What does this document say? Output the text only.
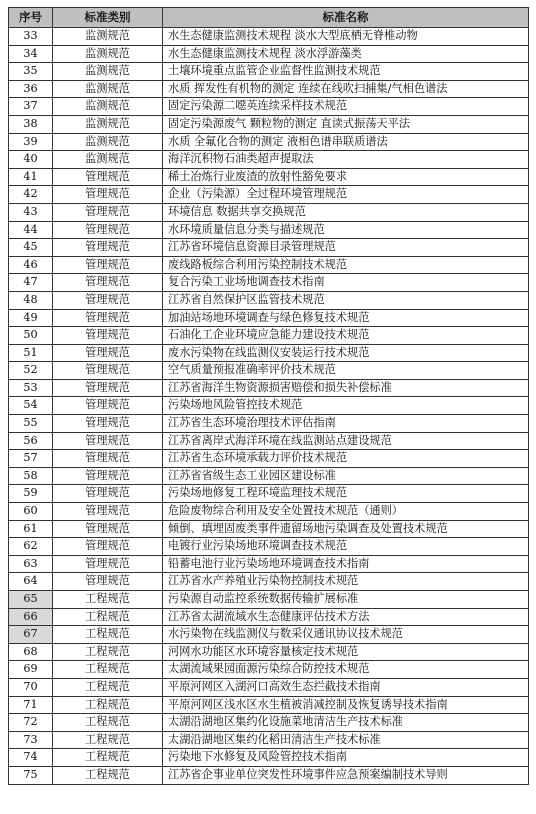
序号	标准类别	标准名称
33	监测规范	水生态健康监测技术规程 淡水大型底栖无脊椎动物
34	监测规范	水生态健康监测技术规程 淡水浮游藻类
35	监测规范	土壤环境重点监管企业监督性监测技术规范
36	监测规范	水质 挥发性有机物的测定 连续在线吹扫捕集/气相色谱法
37	监测规范	固定污染源二噁英连续采样技术规范
38	监测规范	固定污染源废气 颗粒物的测定 直读式振荡天平法
39	监测规范	水质 全氟化合物的测定 液相色谱串联质谱法
40	监测规范	海洋沉积物石油类超声提取法
41	管理规范	稀土冶炼行业废渣的放射性豁免要求
42	管理规范	企业（污染源）全过程环境管理规范
43	管理规范	环境信息 数据共享交换规范
44	管理规范	水环境质量信息分类与描述规范
45	管理规范	江苏省环境信息资源目录管理规范
46	管理规范	废线路板综合利用污染控制技术规范
47	管理规范	复合污染工业场地调查技术指南
48	管理规范	江苏省自然保护区监管技术规范
49	管理规范	加油站场地环境调查与绿色修复技术规范
50	管理规范	石油化工企业环境应急能力建设技术规范
51	管理规范	废水污染物在线监测仪安装运行技术规范
52	管理规范	空气质量预报准确率评价技术规范
53	管理规范	江苏省海洋生物资源损害赔偿和损失补偿标准
54	管理规范	污染场地风险管控技术规范
55	管理规范	江苏省生态环境治理技术评估指南
56	管理规范	江苏省离岸式海洋环境在线监测站点建设规范
57	管理规范	江苏省生态环境承载力评价技术规范
58	管理规范	江苏省省级生态工业园区建设标准
59	管理规范	污染场地修复工程环境监理技术规范
60	管理规范	危险废物综合利用及安全处置技术规范（通则）
61	管理规范	倾倒、填埋固废类事件遗留场地污染调查及处置技术规范
62	管理规范	电镀行业污染场地环境调查技术规范
63	管理规范	铅蓄电池行业污染场地环境调查技术指南
64	管理规范	江苏省水产养殖业污染物控制技术规范
65	工程规范	污染源自动监控系统数据传输扩展标准
66	工程规范	江苏省太湖流域水生态健康评估技术方法
67	工程规范	水污染物在线监测仪与数采仪通讯协议技术规范
68	工程规范	河网水功能区水环境容量核定技术规范
69	工程规范	太湖流域果园面源污染综合防控技术规范
70	工程规范	平原河网区入湖河口高效生态拦截技术指南
71	工程规范	平原河网区浅水区水生植被消减控制及恢复诱导技术指南
72	工程规范	太湖沿湖地区集约化设施菜地清洁生产技术标准
73	工程规范	太湖沿湖地区集约化稻田清洁生产技术标准
74	工程规范	污染地下水修复及风险管控技术指南
75	工程规范	江苏省企事业单位突发性环境事件应急预案编制技术导则
